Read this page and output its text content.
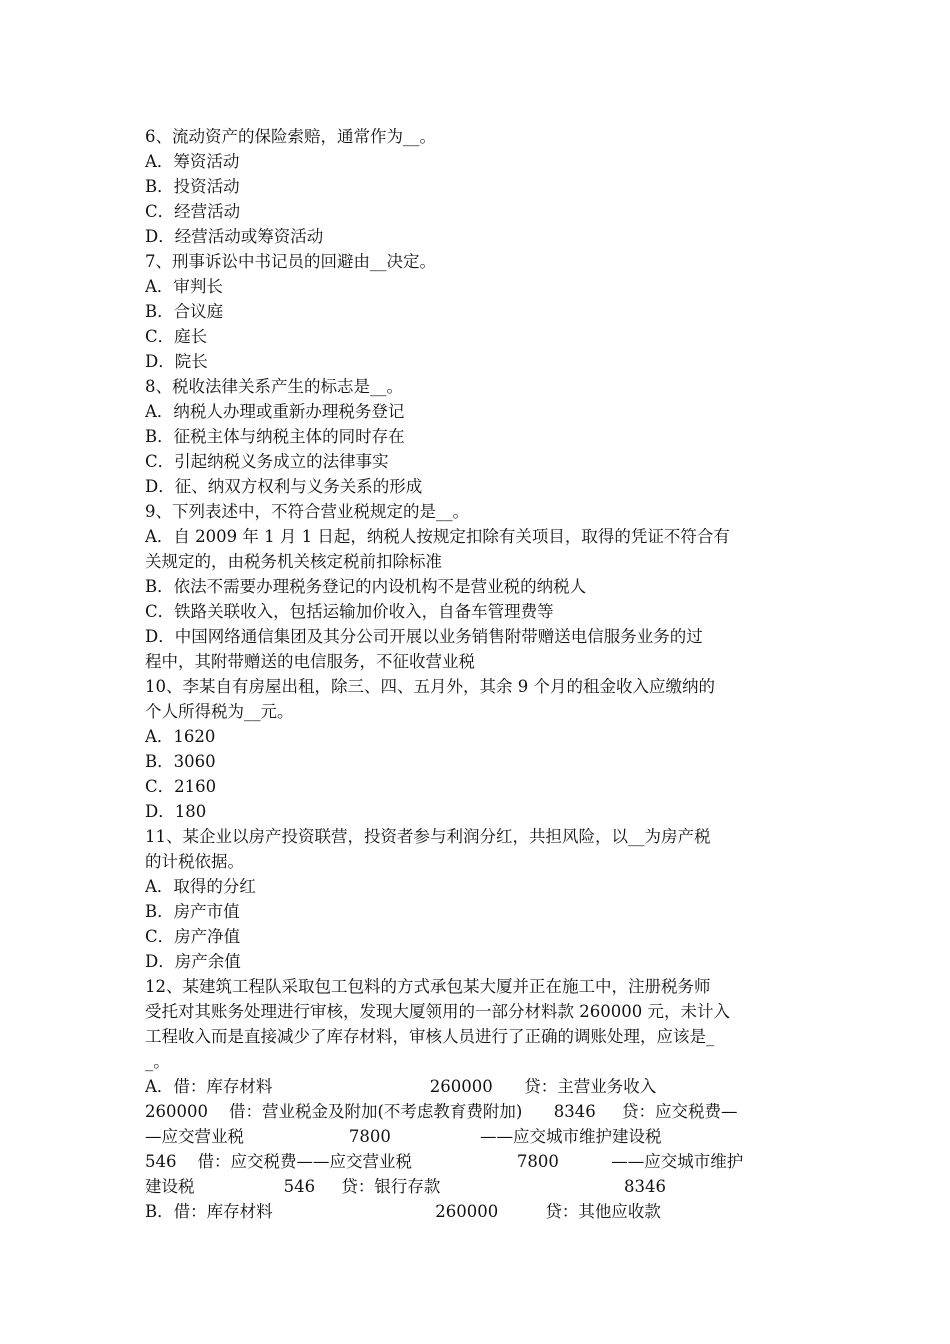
6、流动资产的保险索赔，通常作为__。
A．筹资活动
B．投资活动
C．经营活动
D．经营活动或筹资活动
7、刑事诉讼中书记员的回避由__决定。
A．审判长
B．合议庭
C．庭长
D．院长
8、税收法律关系产生的标志是__。
A．纳税人办理或重新办理税务登记
B．征税主体与纳税主体的同时存在
C．引起纳税义务成立的法律事实
D．征、纳双方权利与义务关系的形成
9、下列表述中，不符合营业税规定的是__。
A．自 2009 年 1 月 1 日起，纳税人按规定扣除有关项目，取得的凭证不符合有
关规定的，由税务机关核定税前扣除标准
B．依法不需要办理税务登记的内设机构不是营业税的纳税人
C．铁路关联收入，包括运输加价收入，自备车管理费等
D．中国网络通信集团及其分公司开展以业务销售附带赠送电信服务业务的过
程中，其附带赠送的电信服务，不征收营业税
10、李某自有房屋出租，除三、四、五月外，其余 9 个月的租金收入应缴纳的
个人所得税为__元。
A．1620
B．3060
C．2160
D．180
11、某企业以房产投资联营，投资者参与利润分红，共担风险，以__为房产税
的计税依据。
A．取得的分红
B．房产市值
C．房产净值
D．房产余值
12、某建筑工程队采取包工包料的方式承包某大厦并正在施工中，注册税务师
受托对其账务处理进行审核，发现大厦领用的一部分材料款 260000 元，未计入
工程收入而是直接减少了库存材料，审核人员进行了正确的调账处理，应该是_
_。
A．借：库存材料                              260000      贷：主营业务收入
260000    借：营业税金及附加(不考虑教育费附加)      8346     贷：应交税费—
—应交营业税                    7800                 ——应交城市维护建设税
546    借：应交税费——应交营业税                    7800          ——应交城市维护
建设税                 546     贷：银行存款                                   8346
B．借：库存材料                               260000         贷：其他应收款
